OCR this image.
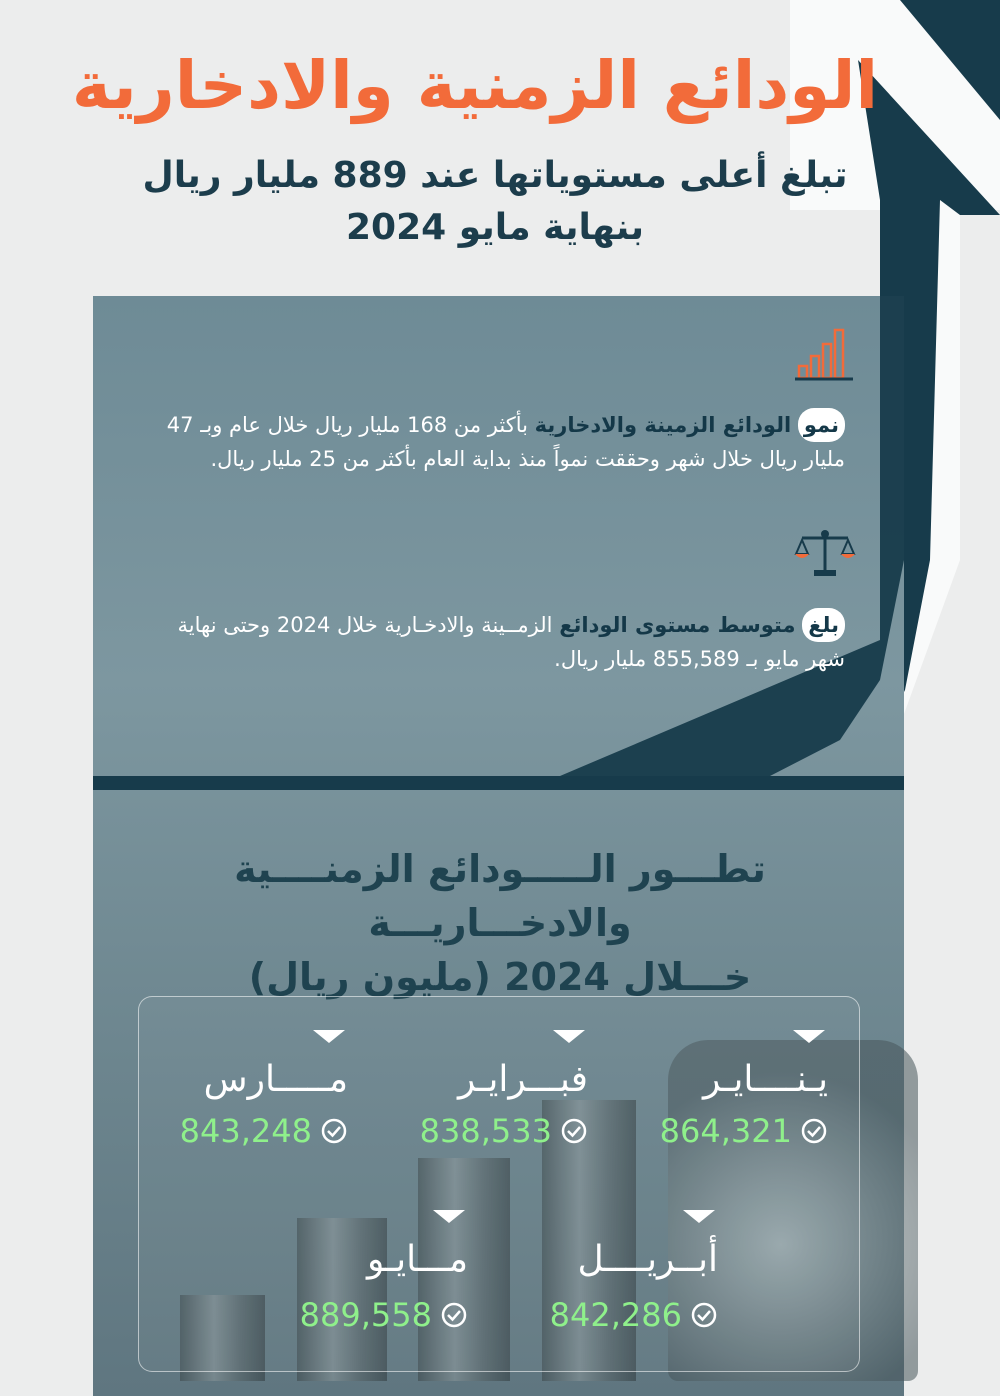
الودائع الزمنية والادخارية
تبلغ أعلى مستوياتها عند 889 مليار ريال
بنهاية مايو 2024
نمو الودائع الزمينة والادخارية بأكثر من 168 مليار ريال خلال عام وبـ 47 مليار ريال خلال شهر وحققت نمواً منذ بداية العام بأكثر من 25 مليار ريال.
بلغ متوسط مستوى الودائع الزمــينة والادخـارية خلال 2024 وحتى نهاية شهر مايو بـ 855,589 مليار ريال.
تطـــور الـــــودائع الزمنــــية والادخـــاريـــة
خـــلال 2024 (مليون ريال)
يـنــــايـر
864,321
فبـــرايـر
838,533
مـــــارس
843,248
أبــريــــل
842,286
مـــايـو
889,558
